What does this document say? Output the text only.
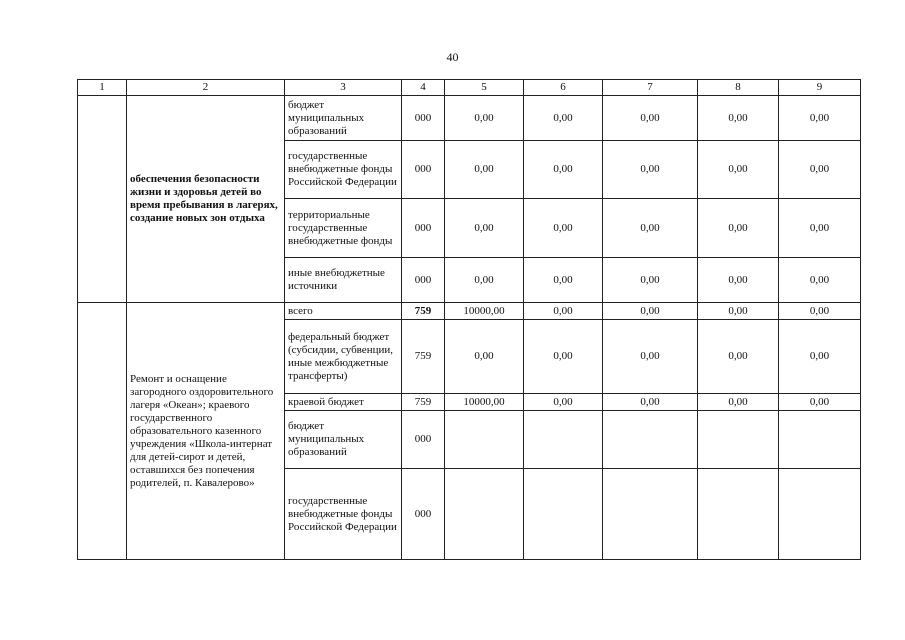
40
1	2	3	4	5	6	7	8	9
	обеспечения безопасности жизни и здоровья детей во время пребывания в лагерях, создание новых зон отдыха	бюджет муниципальных образований	000	0,00	0,00	0,00	0,00	0,00
		государственные внебюджетные фонды Российской Федерации	000	0,00	0,00	0,00	0,00	0,00
		территориальные государственные внебюджетные фонды	000	0,00	0,00	0,00	0,00	0,00
		иные внебюджетные источники	000	0,00	0,00	0,00	0,00	0,00
	Ремонт и оснащение загородного оздоровительного лагеря «Океан»; краевого государственного образовательного казенного учреждения «Школа-интернат для детей-сирот и детей, оставшихся без попечения родителей, п. Кавалерово»	всего	759	10000,00	0,00	0,00	0,00	0,00
		федеральный бюджет (субсидии, субвенции, иные межбюджетные трансферты)	759	0,00	0,00	0,00	0,00	0,00
		краевой бюджет	759	10000,00	0,00	0,00	0,00	0,00
		бюджет муниципальных образований	000					
		государственные внебюджетные фонды Российской Федерации	000					
